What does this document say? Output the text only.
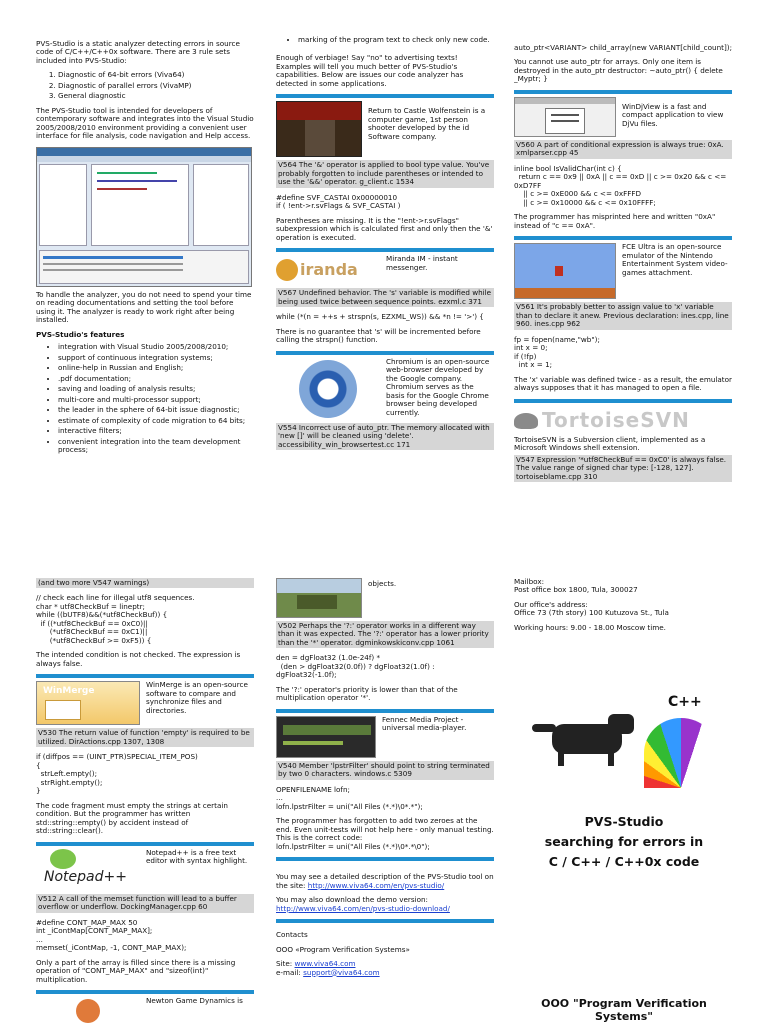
PVS-Studio is a static analyzer detecting errors in source code of C/C++/C++0x software. There are 3 rule sets included into PVS-Studio:

1. Diagnostic of 64-bit errors (Viva64)
2. Diagnostic of parallel errors (VivaMP)
3. General diagnostic

The PVS-Studio tool is intended for developers of contemporary software and integrates into the Visual Studio 2005/2008/2010 environment providing a convenient user interface for file analysis, code navigation and Help access.

To handle the analyzer, you do not need to spend your time on reading documentations and setting the tool before using it. The analyzer is ready to work right after being installed.

PVS-Studio's features
• integration with Visual Studio 2005/2008/2010;
• support of continuous integration systems;
• online-help in Russian and English;
• .pdf documentation;
• saving and loading of analysis results;
• multi-core and multi-processor support;
• the leader in the sphere of 64-bit issue diagnostic;
• estimate of complexity of code migration to 64 bits;
• interactive filters;
• convenient integration into the team development process;
• marking of the program text to check only new code.

Enough of verbiage! Say "no" to advertising texts! Examples will tell you much better of PVS-Studio's capabilities. Below are issues our code analyzer has detected in some applications.

Return to Castle Wolfenstein is a computer game, 1st person shooter developed by the id Software company.
V564 The '&' operator is applied to bool type value. You've probably forgotten to include parentheses or intended to use the '&&' operator. g_client.c 1534
#define SVF_CASTAI 0x00000010
if ( !ent->r.svFlags & SVF_CASTAI )

Parentheses are missing. It is the "!ent->r.svFlags" subexpression which is calculated first and only then the '&' operation is executed.

iranda
Miranda IM - instant messenger.
V567 Undefined behavior. The 's' variable is modified while being used twice between sequence points. ezxml.c 371
while (*(n = ++s + strspn(s, EZXML_WS)) && *n != '>') {

There is no guarantee that 's' will be incremented before calling the strspn() function.

Chromium is an open-source web-browser developed by the Google company. Chromium serves as the basis for the Google Chrome browser being developed currently.
V554 Incorrect use of auto_ptr. The memory allocated with 'new []' will be cleaned using 'delete'. accessibility_win_browsertest.cc 171
auto_ptr<VARIANT> child_array(new VARIANT[child_count]);

You cannot use auto_ptr for arrays. Only one item is destroyed in the auto_ptr destructor: ~auto_ptr() { delete _Myptr; }

WinDjView is a fast and compact application to view DjVu files.
V560 A part of conditional expression is always true: 0xA. xmlparser.cpp 45
inline bool IsValidChar(int c) {
return c == 0x9 || 0xA || c == 0xD || c >= 0x20 && c <= 0xD7FF
|| c >= 0xE000 && c <= 0xFFFD
|| c >= 0x10000 && c <= 0x10FFFF;

The programmer has misprinted here and written "0xA" instead of "c == 0xA".

FCE Ultra is an open-source emulator of the Nintendo Entertainment System video-games attachment.
V561 It's probably better to assign value to 'x' variable than to declare it anew. Previous declaration: ines.cpp, line 960. ines.cpp 962
fp = fopen(name,"wb");
int x = 0;
if (!fp)
int x = 1;

The 'x' variable was defined twice - as a result, the emulator always supposes that it has managed to open a file.

TortoiseSVN

TortoiseSVN is a Subversion client, implemented as a Microsoft Windows shell extension.

V547 Expression '*utf8CheckBuf == 0xC0' is always false. The value range of signed char type: [-128, 127]. tortoiseblame.cpp 310
(and two more V547 warnings)
// check each line for illegal utf8 sequences.
char * utf8CheckBuf = lineptr;
while ((bUTF8)&&(*utf8CheckBuf)) {
if ((*utf8CheckBuf == 0xC0)||
(*utf8CheckBuf == 0xC1)||
(*utf8CheckBuf >= 0xF5)) {

The intended condition is not checked. The expression is always false.

WinMerge
WinMerge is an open-source software to compare and synchronize files and directories.
V530 The return value of function 'empty' is required to be utilized. DirActions.cpp 1307, 1308
if (diffpos == (UINT_PTR)SPECIAL_ITEM_POS)
{
strLeft.empty();
strRight.empty();
}

The code fragment must empty the strings at certain condition. But the programmer has written std::string::empty() by accident instead of std::string::clear().

Notepad++
Notepad++ is a free text editor with syntax highlight.
V512 A call of the memset function will lead to a buffer overflow or underflow. DockingManager.cpp 60
#define CONT_MAP_MAX 50
int _iContMap[CONT_MAP_MAX];
...
memset(_iContMap, -1, CONT_MAP_MAX);

Only a part of the array is filled since there is a missing operation of "CONT_MAP_MAX" and "sizeof(int)" multiplication.

Newton Game Dynamics is
objects.
V502 Perhaps the '?:' operator works in a different way than it was expected. The '?:' operator has a lower priority than the '*' operator. dgminkowskiconv.cpp 1061
den = dgFloat32 (1.0e-24f) *
(den > dgFloat32(0.0f)) ? dgFloat32(1.0f) : dgFloat32(-1.0f);

The '?:' operator's priority is lower than that of the multiplication operator '*'.

Fennec Media Project - universal media-player.
V540 Member 'lpstrFilter' should point to string terminated by two 0 characters. windows.c 5309
OPENFILENAME lofn;
...
lofn.lpstrFilter = uni("All Files (*.*)\0*.*");

The programmer has forgotten to add two zeroes at the end. Even unit-tests will not help here - only manual testing. This is the correct code:

lofn.lpstrFilter = uni("All Files (*.*)\0*.*\0");

You may see a detailed description of the PVS-Studio tool on the site: http://www.viva64.com/en/pvs-studio/

You may also download the demo version:
http://www.viva64.com/en/pvs-studio-download/

Contacts

OOO «Program Verification Systems»

Site: www.viva64.com
e-mail: support@viva64.com
Mailbox:
Post office box 1800, Tula, 300027
Our office's address:
Office 73 (7th story) 100 Kutuzova St., Tula

Working hours: 9.00 - 18.00 Moscow time.

C++
PVS-Studio
searching for errors in
C / C++ / C++0x code
OOO "Program Verification Systems"
